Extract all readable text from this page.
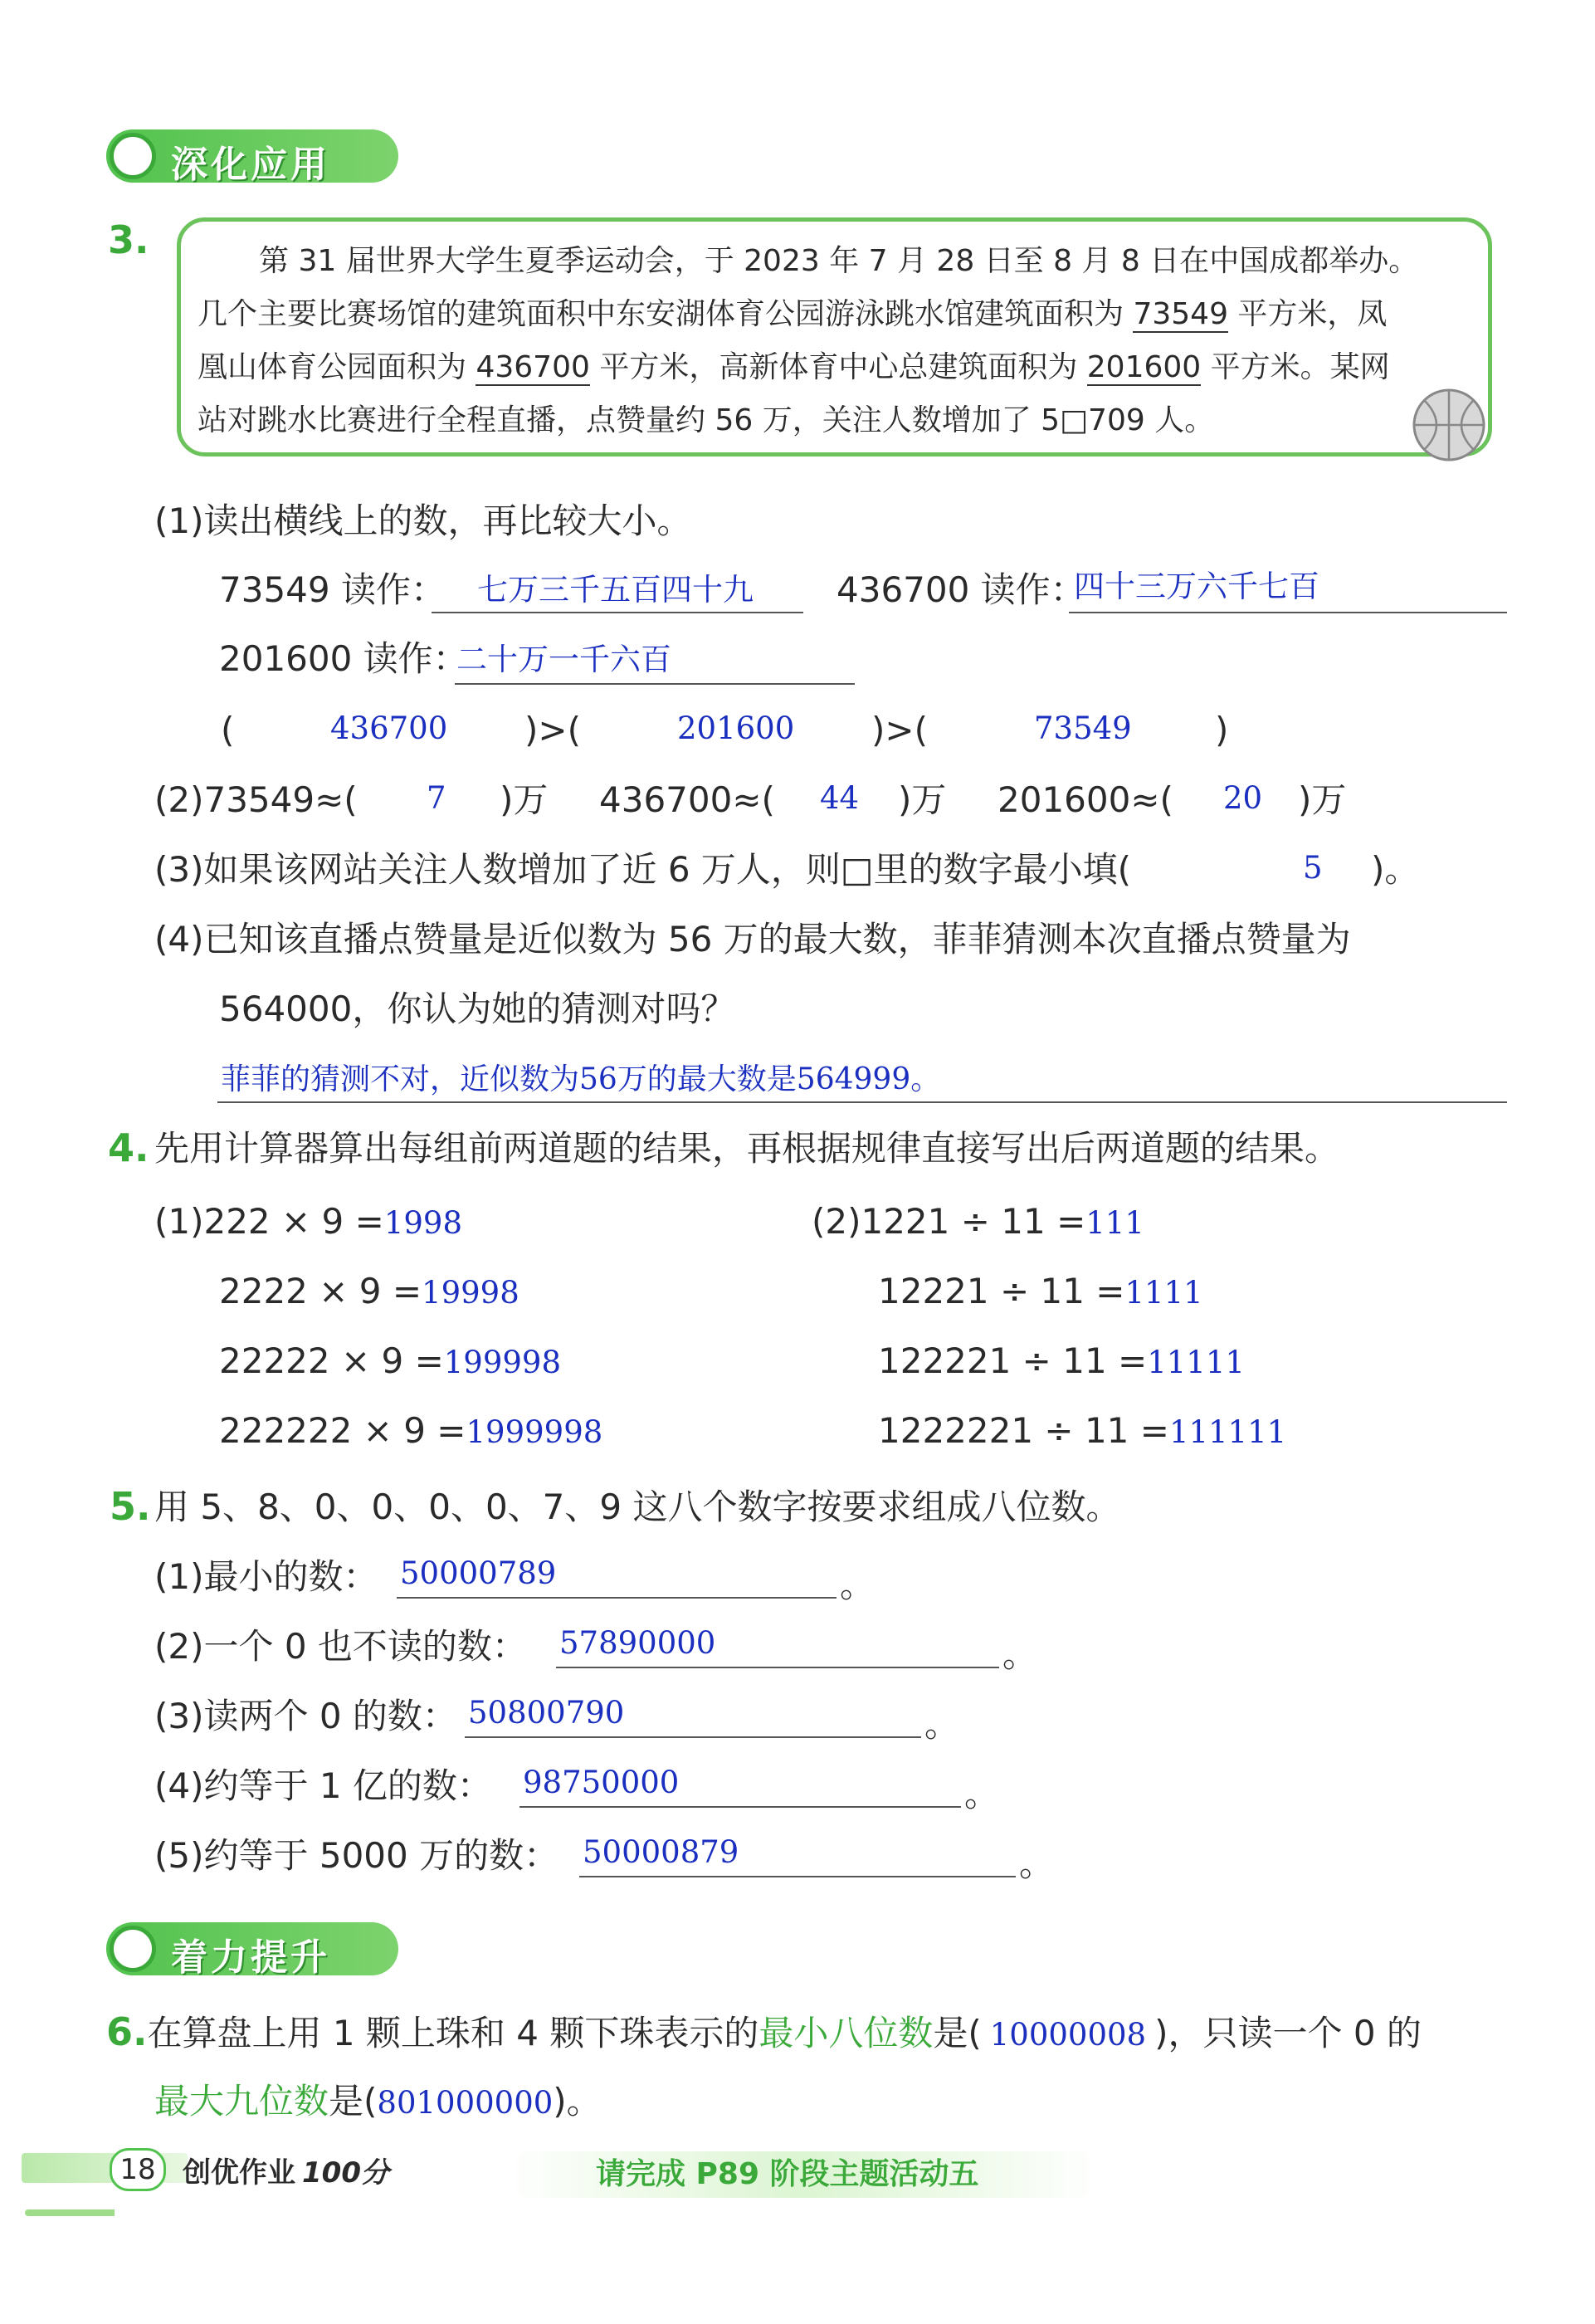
深化应用
3.	第 31 届世界大学生夏季运动会，于 2023 年 7 月 28 日至 8 月 8 日在中国成都举办。
几个主要比赛场馆的建筑面积中东安湖体育公园游泳跳水馆建筑面积为 73549 平方米，凤
凰山体育公园面积为 436700 平方米，高新体育中心总建筑面积为 201600 平方米。某网
站对跳水比赛进行全程直播，点赞量约 56 万，关注人数增加了 5□709 人。
(1)读出横线上的数，再比较大小。
73549 读作： 七万三千五百四十九 436700 读作：
四十三万六千七百
201600 读作：
二十万一千六百
(	436700 )>(	201600 )>(	73549 )
(2)73549≈( 7 )万 436700≈( 44 )万 201600≈( 20 )万
(3)如果该网站关注人数增加了近 6 万人，则□里的数字最小填(	5 )。
(4)已知该直播点赞量是近似数为 56 万的最大数，菲菲猜测本次直播点赞量为
564000，你认为她的猜测对吗？
菲菲的猜测不对，近似数为56万的最大数是564999。
4. 先用计算器算出每组前两道题的结果，再根据规律直接写出后两道题的结果。
(1)222 × 9 =1998
2222 × 9 =19998
22222 × 9 =199998
222222 × 9 =1999998
(2)1221 ÷ 11 =111
12221 ÷ 11 =1111
122221 ÷ 11 =11111
1222221 ÷ 11 =111111
5. 用 5、8、0、0、0、0、7、9 这八个数字按要求组成八位数。
(1)最小的数： 50000789	。
(2)一个 0 也不读的数： 57890000	。
(3)读两个 0 的数： 50800790	。
(4)约等于 1 亿的数： 98750000	。
(5)约等于 5000 万的数： 50000879	。
着力提升
6.在算盘上用 1 颗上珠和 4 颗下珠表示的最小八位数是( 10000008 )，只读一个 0 的
最大九位数是(801000000)。
18 创优作业 100分	请完成 P89 阶段主题活动五
